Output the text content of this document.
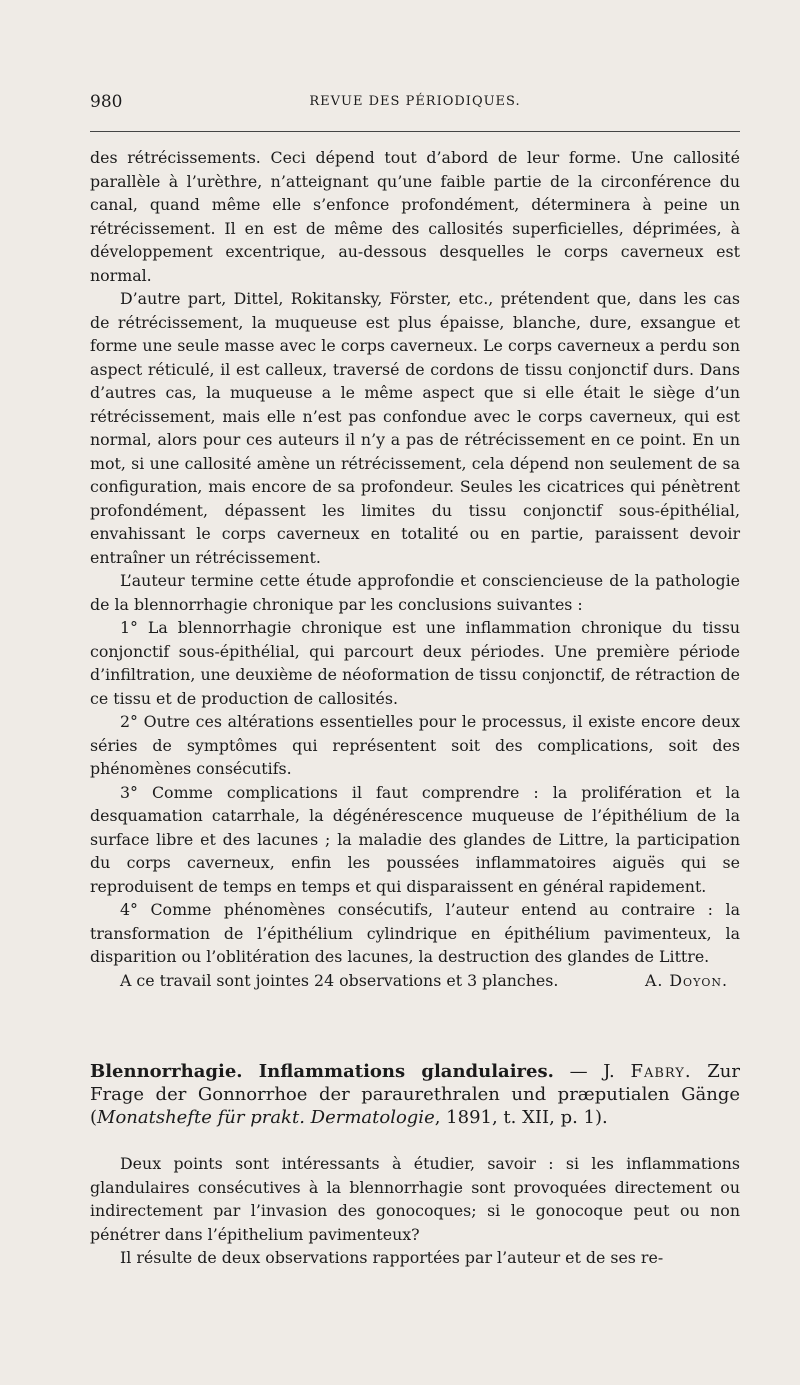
980	REVUE DES PÉRIODIQUES.

des rétrécissements. Ceci dépend tout d’abord de leur forme. Une callosité parallèle à l’urèthre, n’atteignant qu’une faible partie de la circonférence du canal, quand même elle s’enfonce profondément, déterminera à peine un rétrécissement. Il en est de même des callosités superficielles, déprimées, à développement excentrique, au-dessous desquelles le corps caverneux est normal.

D’autre part, Dittel, Rokitansky, Förster, etc., prétendent que, dans les cas de rétrécissement, la muqueuse est plus épaisse, blanche, dure, exsangue et forme une seule masse avec le corps caverneux. Le corps caverneux a perdu son aspect réticulé, il est calleux, traversé de cordons de tissu conjonctif durs. Dans d’autres cas, la muqueuse a le même aspect que si elle était le siège d’un rétrécissement, mais elle n’est pas confondue avec le corps caverneux, qui est normal, alors pour ces auteurs il n’y a pas de rétrécissement en ce point. En un mot, si une callosité amène un rétrécissement, cela dépend non seulement de sa configuration, mais encore de sa profondeur. Seules les cicatrices qui pénètrent profondément, dépassent les limites du tissu conjonctif sous-épithélial, envahissant le corps caverneux en totalité ou en partie, paraissent devoir entraîner un rétrécissement.

L’auteur termine cette étude approfondie et consciencieuse de la pathologie de la blennorrhagie chronique par les conclusions suivantes :

1° La blennorrhagie chronique est une inflammation chronique du tissu conjonctif sous-épithélial, qui parcourt deux périodes. Une première période d’infiltration, une deuxième de néoformation de tissu conjonctif, de rétraction de ce tissu et de production de callosités.

2° Outre ces altérations essentielles pour le processus, il existe encore deux séries de symptômes qui représentent soit des complications, soit des phénomènes consécutifs.

3° Comme complications il faut comprendre : la prolifération et la desquamation catarrhale, la dégénérescence muqueuse de l’épithélium de la surface libre et des lacunes ; la maladie des glandes de Littre, la participation du corps caverneux, enfin les poussées inflammatoires aiguës qui se reproduisent de temps en temps et qui disparaissent en général rapidement.

4° Comme phénomènes consécutifs, l’auteur entend au contraire : la transformation de l’épithélium cylindrique en épithélium pavimenteux, la disparition ou l’oblitération des lacunes, la destruction des glandes de Littre.

A ce travail sont jointes 24 observations et 3 planches.	A. Doyon.
Blennorrhagie. Inflammations glandulaires. — J. Fabry. Zur Frage der Gonnorrhoe der paraurethralen und præputialen Gänge (Monatshefte für prakt. Dermatologie, 1891, t. XII, p. 1).

Deux points sont intéressants à étudier, savoir : si les inflammations glandulaires consécutives à la blennorrhagie sont provoquées directement ou indirectement par l’invasion des gonocoques; si le gonocoque peut ou non pénétrer dans l’épithelium pavimenteux?

Il résulte de deux observations rapportées par l’auteur et de ses re-
